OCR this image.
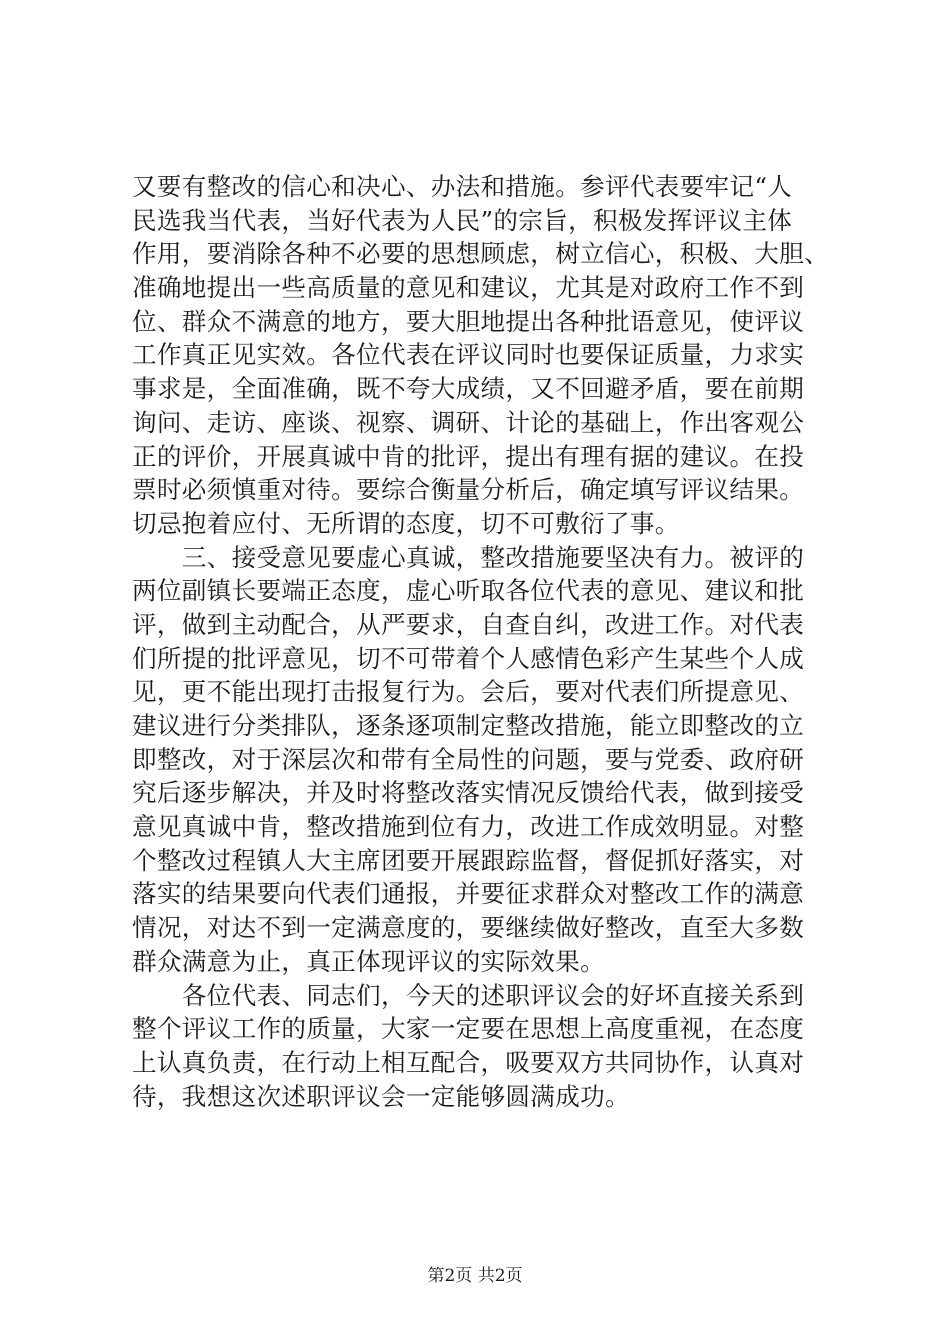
又要有整改的信心和决心、办法和措施。参评代表要牢记“人
民选我当代表，当好代表为人民”的宗旨，积极发挥评议主体
作用，要消除各种不必要的思想顾虑，树立信心，积极、大胆、
准确地提出一些高质量的意见和建议，尤其是对政府工作不到
位、群众不满意的地方，要大胆地提出各种批语意见，使评议
工作真正见实效。各位代表在评议同时也要保证质量，力求实
事求是，全面准确，既不夸大成绩，又不回避矛盾，要在前期
询问、走访、座谈、视察、调研、计论的基础上，作出客观公
正的评价，开展真诚中肯的批评，提出有理有据的建议。在投
票时必须慎重对待。要综合衡量分析后，确定填写评议结果。
切忌抱着应付、无所谓的态度，切不可敷衍了事。
　　三、接受意见要虚心真诚，整改措施要坚决有力。被评的
两位副镇长要端正态度，虚心听取各位代表的意见、建议和批
评，做到主动配合，从严要求，自查自纠，改进工作。对代表
们所提的批评意见，切不可带着个人感情色彩产生某些个人成
见，更不能出现打击报复行为。会后，要对代表们所提意见、
建议进行分类排队，逐条逐项制定整改措施，能立即整改的立
即整改，对于深层次和带有全局性的问题，要与党委、政府研
究后逐步解决，并及时将整改落实情况反馈给代表，做到接受
意见真诚中肯，整改措施到位有力，改进工作成效明显。对整
个整改过程镇人大主席团要开展跟踪监督，督促抓好落实，对
落实的结果要向代表们通报，并要征求群众对整改工作的满意
情况，对达不到一定满意度的，要继续做好整改，直至大多数
群众满意为止，真正体现评议的实际效果。
　　各位代表、同志们，今天的述职评议会的好坏直接关系到
整个评议工作的质量，大家一定要在思想上高度重视，在态度
上认真负责，在行动上相互配合，吸要双方共同协作，认真对
待，我想这次述职评议会一定能够圆满成功。
第2页 共2页
